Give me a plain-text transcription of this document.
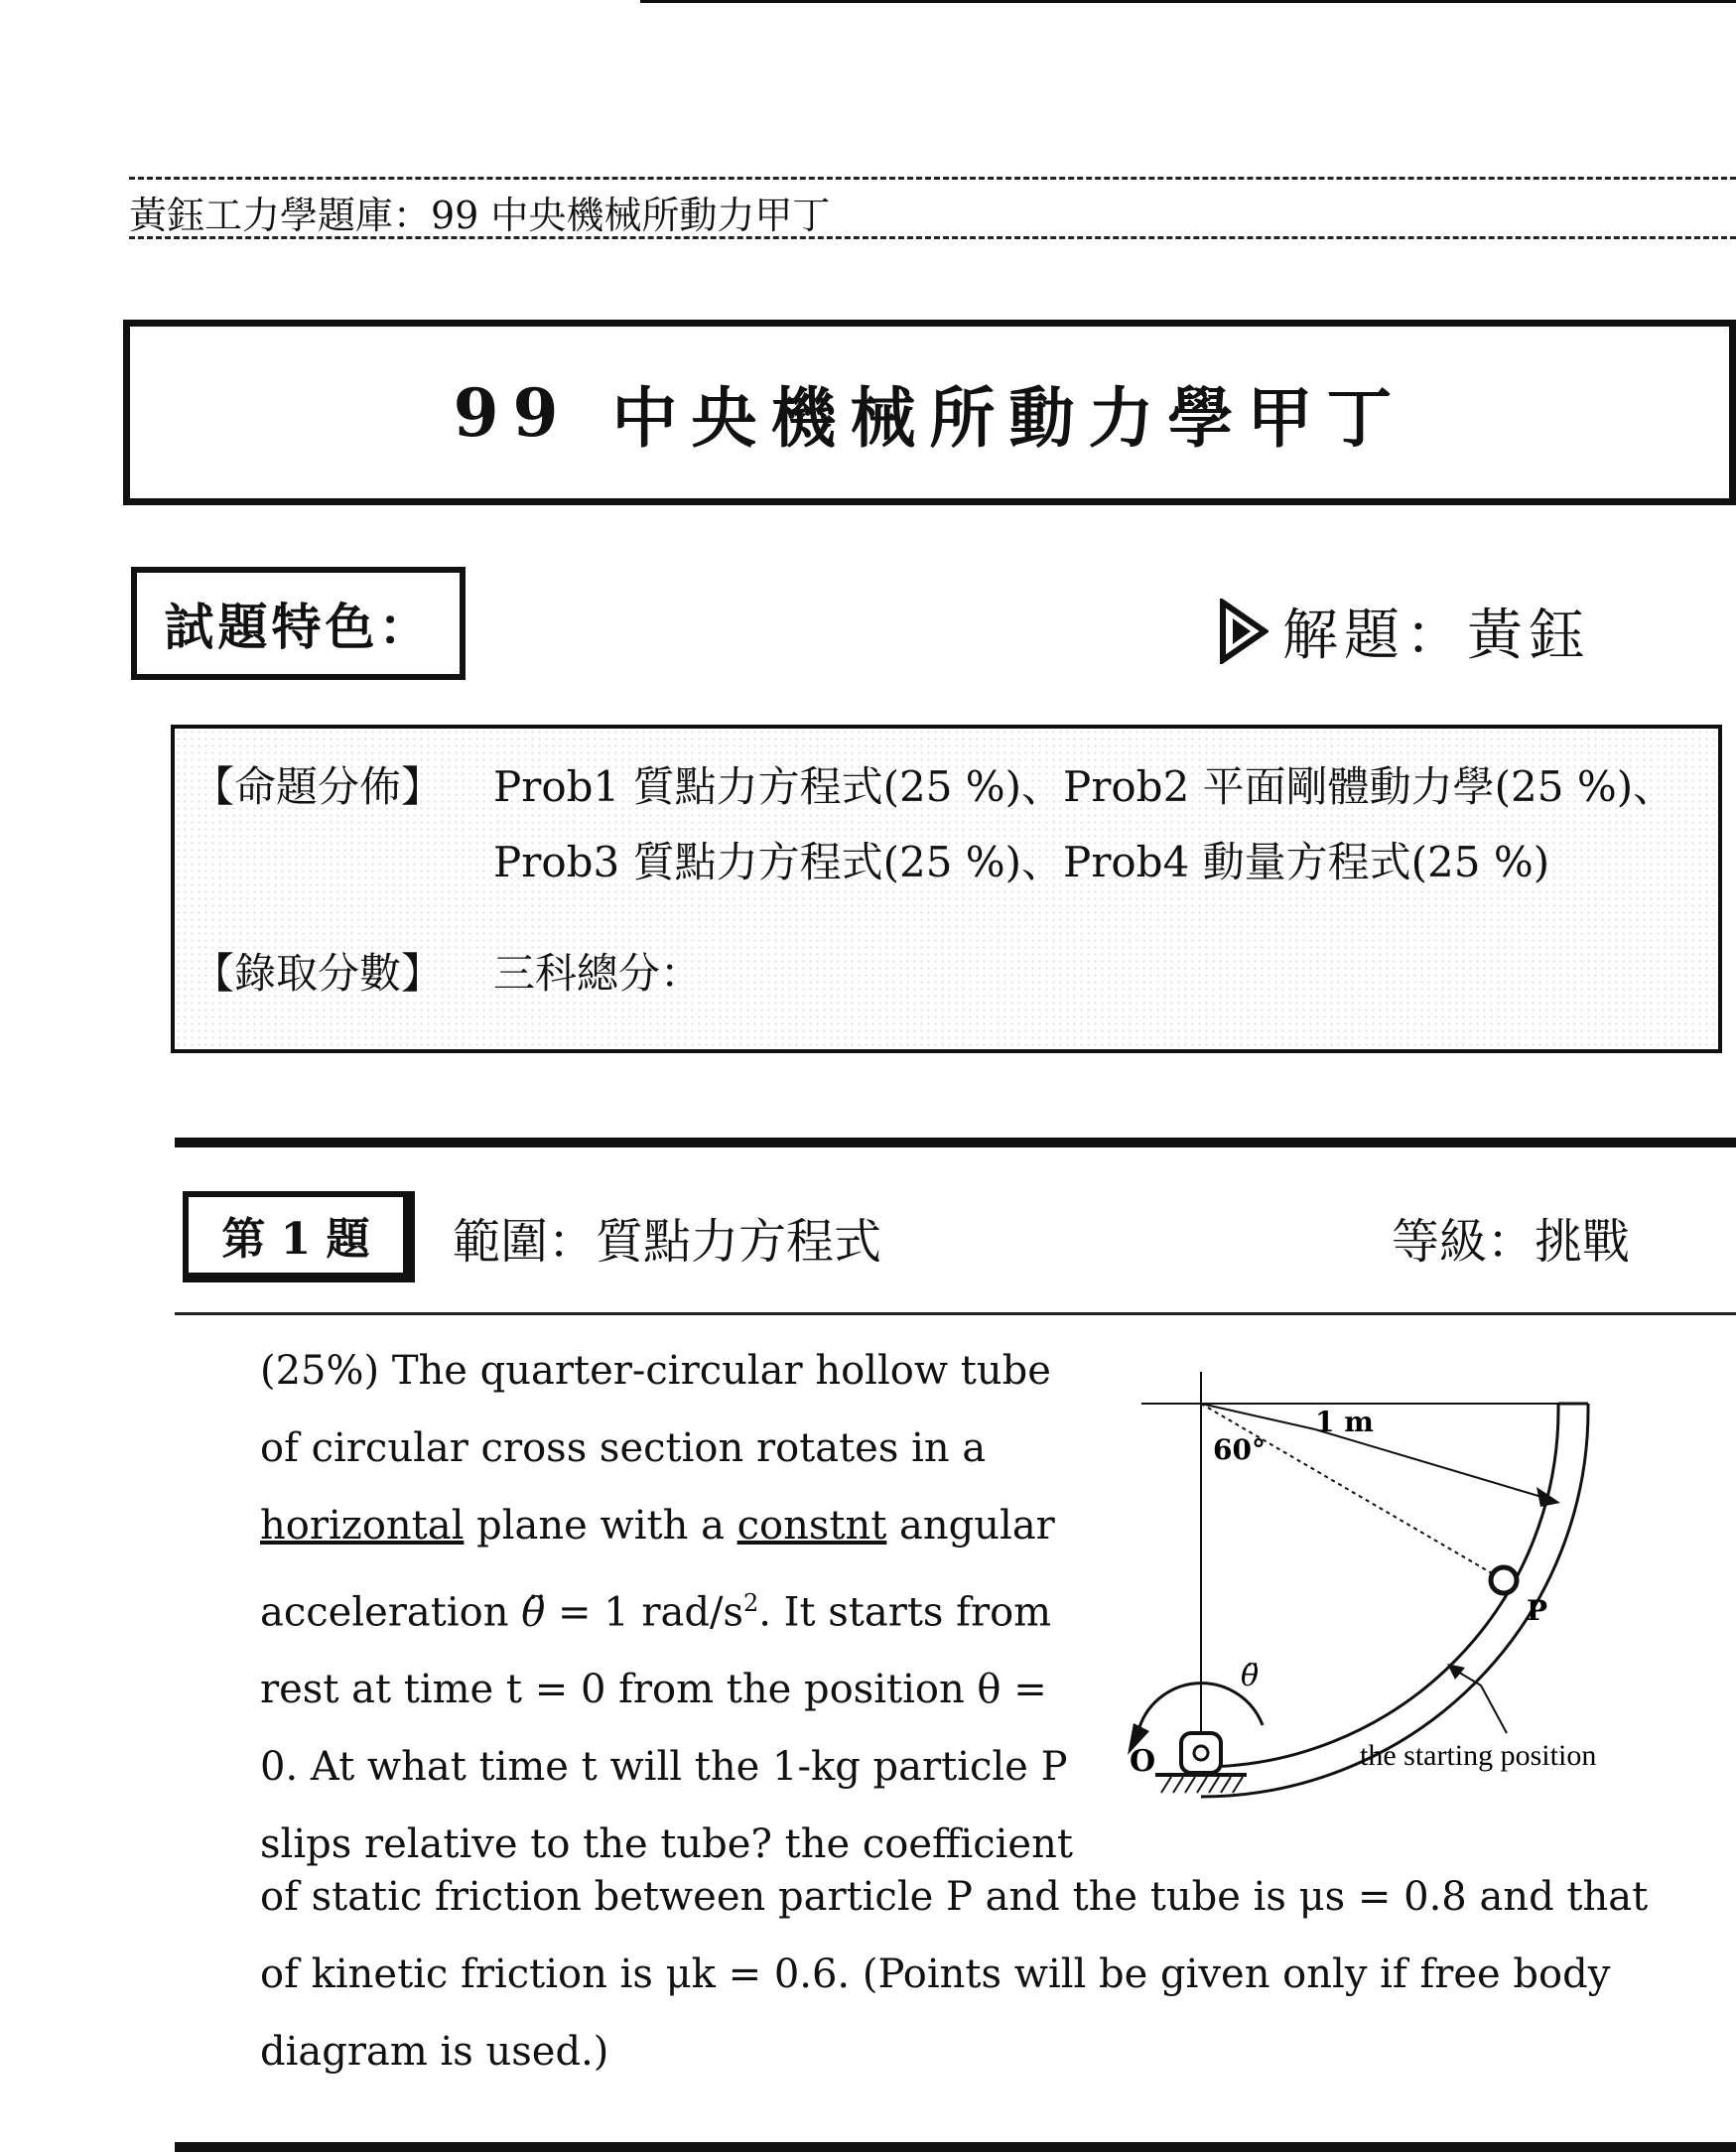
黃鈺工力學題庫：99 中央機械所動力甲丁
99 中央機械所動力學甲丁
試題特色：	解題：黃鈺
【命題分佈】 Prob1 質點力方程式(25 %)、Prob2 平面剛體動力學(25 %)、
Prob3 質點力方程式(25 %)、Prob4 動量方程式(25 %)
【錄取分數】 三科總分：
第 1 題	範圍：質點力方程式	等級：挑戰
(25%) The quarter-circular hollow tube
of circular cross section rotates in a
horizontal plane with a constnt angular
acceleration θ̈ = 1 rad/$s^2$. It starts from
rest at time t = 0 from the position θ =
0. At what time t will the 1-kg particle P
slips relative to the tube? the coefficient
of static friction between particle P and the tube is μs = 0.8 and that
of kinetic friction is μk = 0.6. (Points will be given only if free body
diagram is used.)
1 m
60°
P
the starting position
θ̈
O
